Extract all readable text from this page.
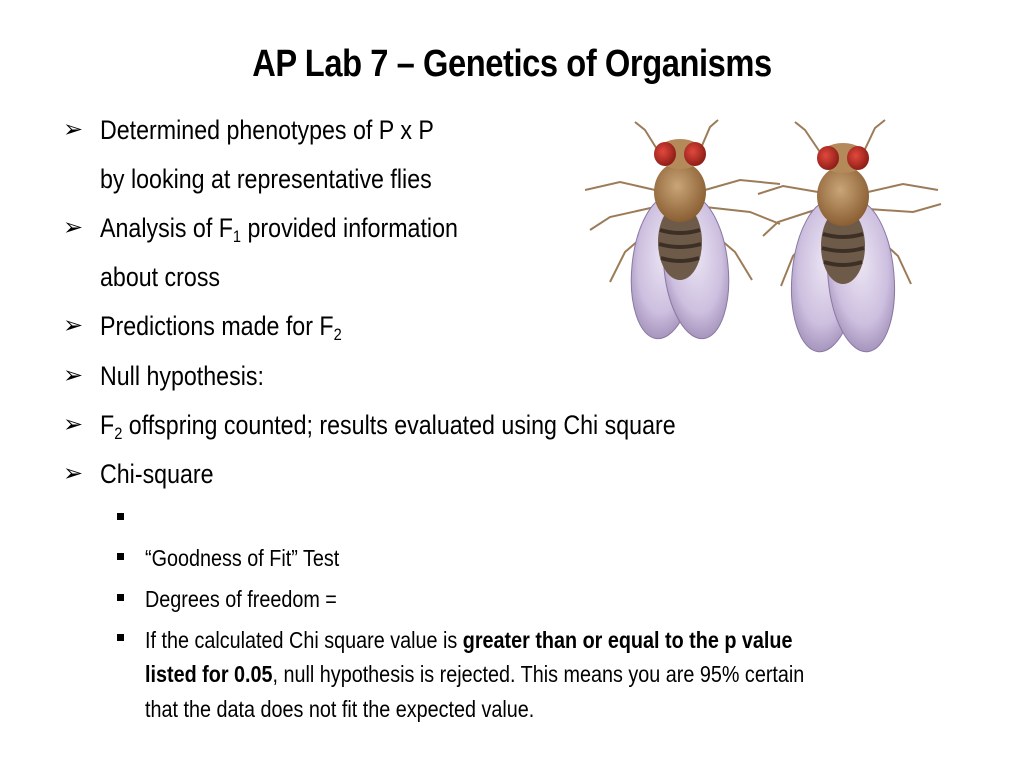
AP Lab 7 – Genetics of Organisms
➢ Determined phenotypes of P x P
by looking at representative flies
➢ Analysis of $F_1$ provided information
about cross
➢ Predictions made for $F_2$
➢ Null hypothesis:
➢ $F_2$ offspring counted; results evaluated using Chi square
➢ Chi-square
“Goodness of Fit” Test
Degrees of freedom =
If the calculated Chi square value is greater than or equal to the p value
listed for 0.05, null hypothesis is rejected. This means you are 95% certain
that the data does not fit the expected value.
